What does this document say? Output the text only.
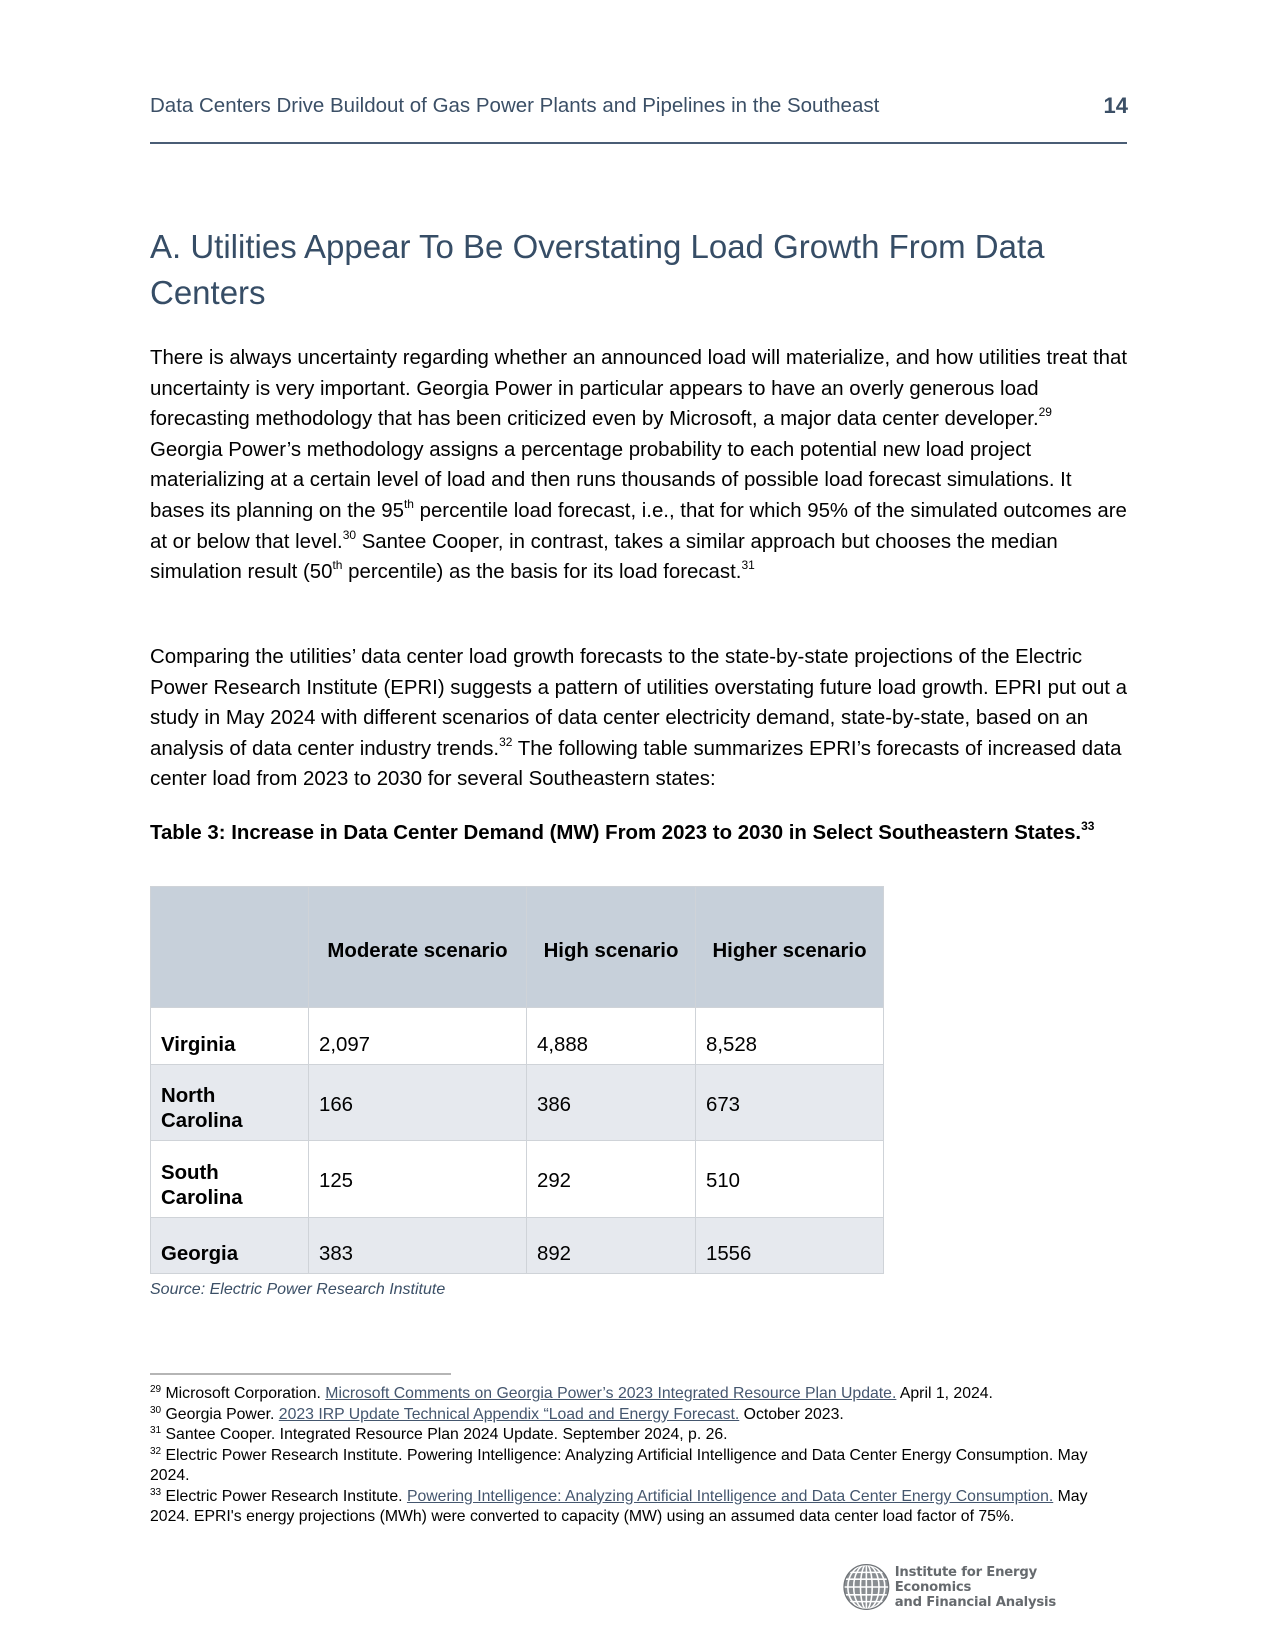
Data Centers Drive Buildout of Gas Power Plants and Pipelines in the Southeast	14
A. Utilities Appear To Be Overstating Load Growth From Data Centers

There is always uncertainty regarding whether an announced load will materialize, and how utilities treat that uncertainty is very important. Georgia Power in particular appears to have an overly generous load forecasting methodology that has been criticized even by Microsoft, a major data center developer.$^{29}$ Georgia Power’s methodology assigns a percentage probability to each potential new load project materializing at a certain level of load and then runs thousands of possible load forecast simulations. It bases its planning on the 95th percentile load forecast, i.e., that for which 95% of the simulated outcomes are at or below that level.$^{30}$ Santee Cooper, in contrast, takes a similar approach but chooses the median simulation result (50th percentile) as the basis for its load forecast.$^{31}$

Comparing the utilities’ data center load growth forecasts to the state-by-state projections of the Electric Power Research Institute (EPRI) suggests a pattern of utilities overstating future load growth. EPRI put out a study in May 2024 with different scenarios of data center electricity demand, state-by-state, based on an analysis of data center industry trends.$^{32}$ The following table summarizes EPRI’s forecasts of increased data center load from 2023 to 2030 for several Southeastern states:

Table 3: Increase in Data Center Demand (MW) From 2023 to 2030 in Select Southeastern States.$^{33}$
	Moderate scenario	High scenario	Higher scenario
Virginia	2,097	4,888	8,528
North Carolina	166	386	673
South Carolina	125	292	510
Georgia	383	892	1556
Source: Electric Power Research Institute
$^{29}$ Microsoft Corporation. Microsoft Comments on Georgia Power’s 2023 Integrated Resource Plan Update. April 1, 2024.
$^{30}$ Georgia Power. 2023 IRP Update Technical Appendix “Load and Energy Forecast. October 2023.
$^{31}$ Santee Cooper. Integrated Resource Plan 2024 Update. September 2024, p. 26.
$^{32}$ Electric Power Research Institute. Powering Intelligence: Analyzing Artificial Intelligence and Data Center Energy Consumption. May 2024.
$^{33}$ Electric Power Research Institute. Powering Intelligence: Analyzing Artificial Intelligence and Data Center Energy Consumption. May 2024. EPRI's energy projections (MWh) were converted to capacity (MW) using an assumed data center load factor of 75%.
Institute for Energy Economics
and Financial Analysis
